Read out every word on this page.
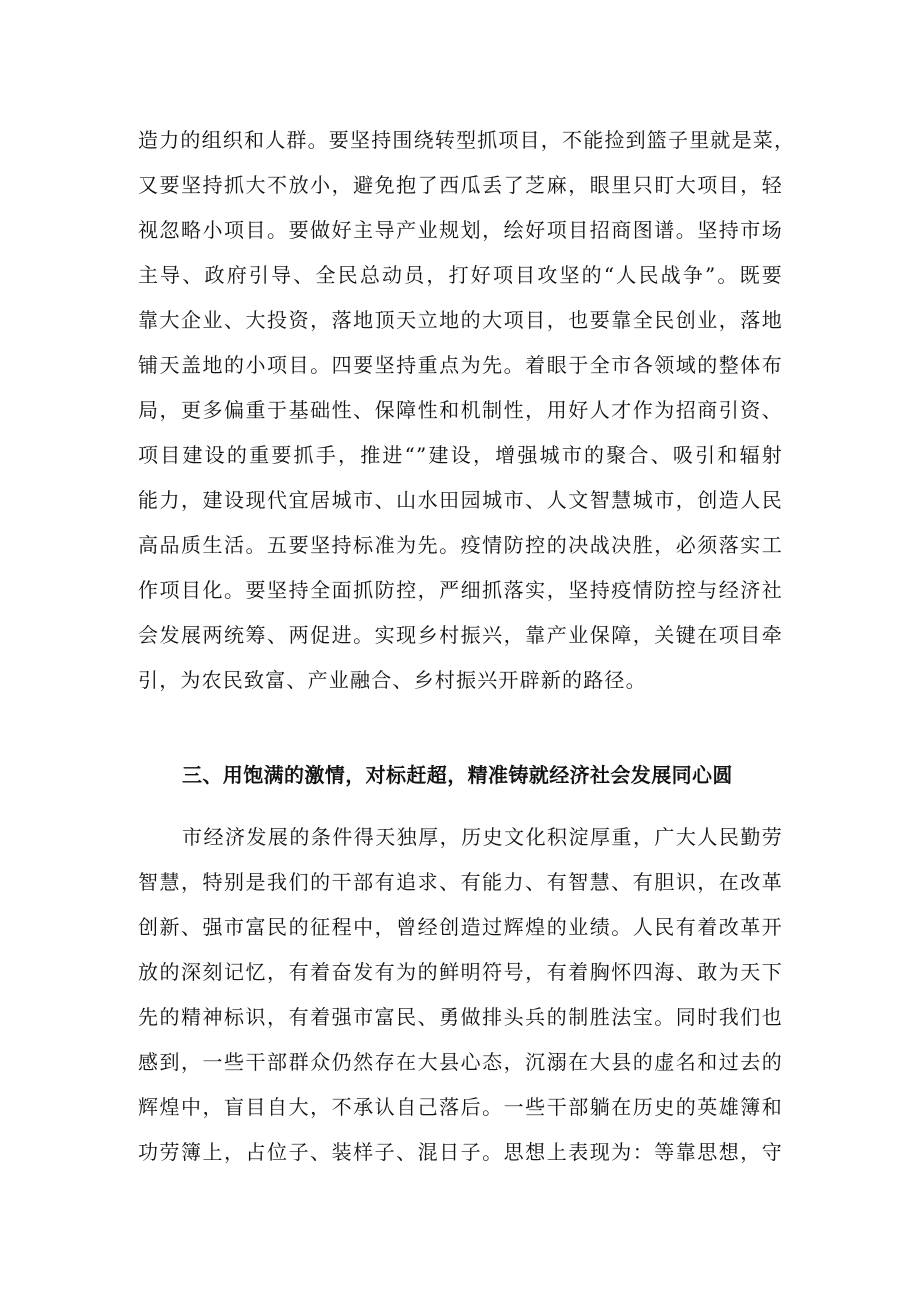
造力的组织和人群。要坚持围绕转型抓项目，不能捡到篮子里就是菜，
又要坚持抓大不放小，避免抱了西瓜丢了芝麻，眼里只盯大项目，轻
视忽略小项目。要做好主导产业规划，绘好项目招商图谱。坚持市场
主导、政府引导、全民总动员，打好项目攻坚的“人民战争”。既要
靠大企业、大投资，落地顶天立地的大项目，也要靠全民创业，落地
铺天盖地的小项目。四要坚持重点为先。着眼于全市各领域的整体布
局，更多偏重于基础性、保障性和机制性，用好人才作为招商引资、
项目建设的重要抓手，推进“”建设，增强城市的聚合、吸引和辐射
能力，建设现代宜居城市、山水田园城市、人文智慧城市，创造人民
高品质生活。五要坚持标准为先。疫情防控的决战决胜，必须落实工
作项目化。要坚持全面抓防控，严细抓落实，坚持疫情防控与经济社
会发展两统筹、两促进。实现乡村振兴，靠产业保障，关键在项目牵
引，为农民致富、产业融合、乡村振兴开辟新的路径。
三、用饱满的激情，对标赶超，精准铸就经济社会发展同心圆
市经济发展的条件得天独厚，历史文化积淀厚重，广大人民勤劳
智慧，特别是我们的干部有追求、有能力、有智慧、有胆识，在改革
创新、强市富民的征程中，曾经创造过辉煌的业绩。人民有着改革开
放的深刻记忆，有着奋发有为的鲜明符号，有着胸怀四海、敢为天下
先的精神标识，有着强市富民、勇做排头兵的制胜法宝。同时我们也
感到，一些干部群众仍然存在大县心态，沉溺在大县的虚名和过去的
辉煌中，盲目自大，不承认自己落后。一些干部躺在历史的英雄簿和
功劳簿上，占位子、装样子、混日子。思想上表现为：等靠思想，守
